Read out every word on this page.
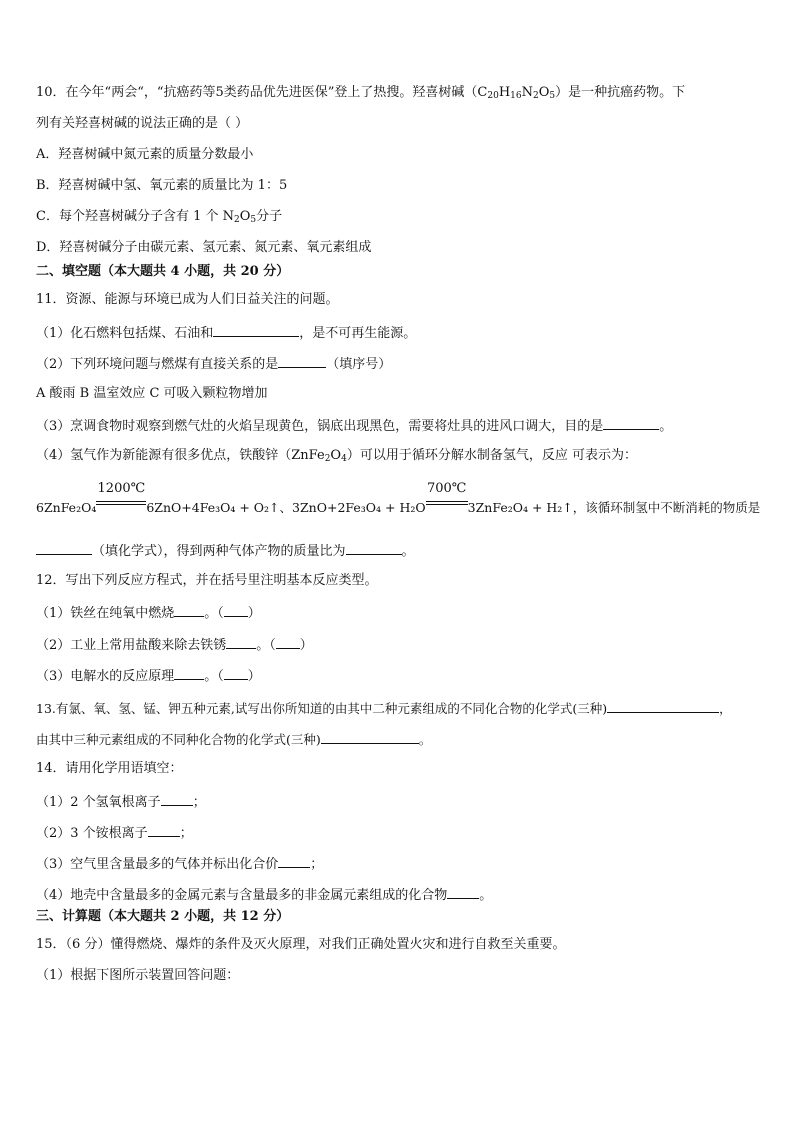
10．在今年“两会“，“抗癌药等5类药品优先进医保”登上了热搜。羟喜树碱$(C_{20}H_{16}N_2O_5)$是一种抗癌药物。下
列有关羟喜树碱的说法正确的是（ ）
A．羟喜树碱中氮元素的质量分数最小
B．羟喜树碱中氢、氧元素的质量比为 1：5
C．每个羟喜树碱分子含有 1 个 $N_2O_5$分子
D．羟喜树碱分子由碳元素、氢元素、氮元素、氧元素组成
二、填空题（本大题共 4 小题，共 20 分）
11．资源、能源与环境已成为人们日益关注的问题。
（1）化石燃料包括煤、石油和	，是不可再生能源。
（2）下列环境问题与燃煤有直接关系的是	（填序号）
A 酸雨 B 温室效应 C 可吸入颗粒物增加
（3）烹调食物时观察到燃气灶的火焰呈现黄色，锅底出现黑色，需要将灶具的进风口调大，目的是	。
（4）氢气作为新能源有很多优点，铁酸锌$(ZnFe_2O_4)$可以用于循环分解水制备氢气，反应 可表示为：
6ZnFe₂O₄
1200℃
6ZnO+4Fe₃O₄ + O₂↑、3ZnO+2Fe₃O₄ + H₂O
700℃
3ZnFe₂O₄ + H₂↑，该循环制氢中不断消耗的物质是
（填化学式），得到两种气体产物的质量比为	。
12．写出下列反应方程式，并在括号里注明基本反应类型。
（1）铁丝在纯氧中燃烧 。（ ）
（2）工业上常用盐酸来除去铁锈 。（ ）
（3）电解水的反应原理 。（ ）
13.有氯、氧、氢、锰、钾五种元素,试写出你所知道的由其中二种元素组成的不同化合物的化学式(三种)	，
由其中三种元素组成的不同种化合物的化学式(三种)	。
14．请用化学用语填空：
（1）2 个氢氧根离子 ；
（2）3 个铵根离子 ；
（3）空气里含量最多的气体并标出化合价 ；
（4）地壳中含量最多的金属元素与含量最多的非金属元素组成的化合物 。
三、计算题（本大题共 2 小题，共 12 分）
15．（6 分）懂得燃烧、爆炸的条件及灭火原理，对我们正确处置火灾和进行自救至关重要。
（1）根据下图所示装置回答问题：
